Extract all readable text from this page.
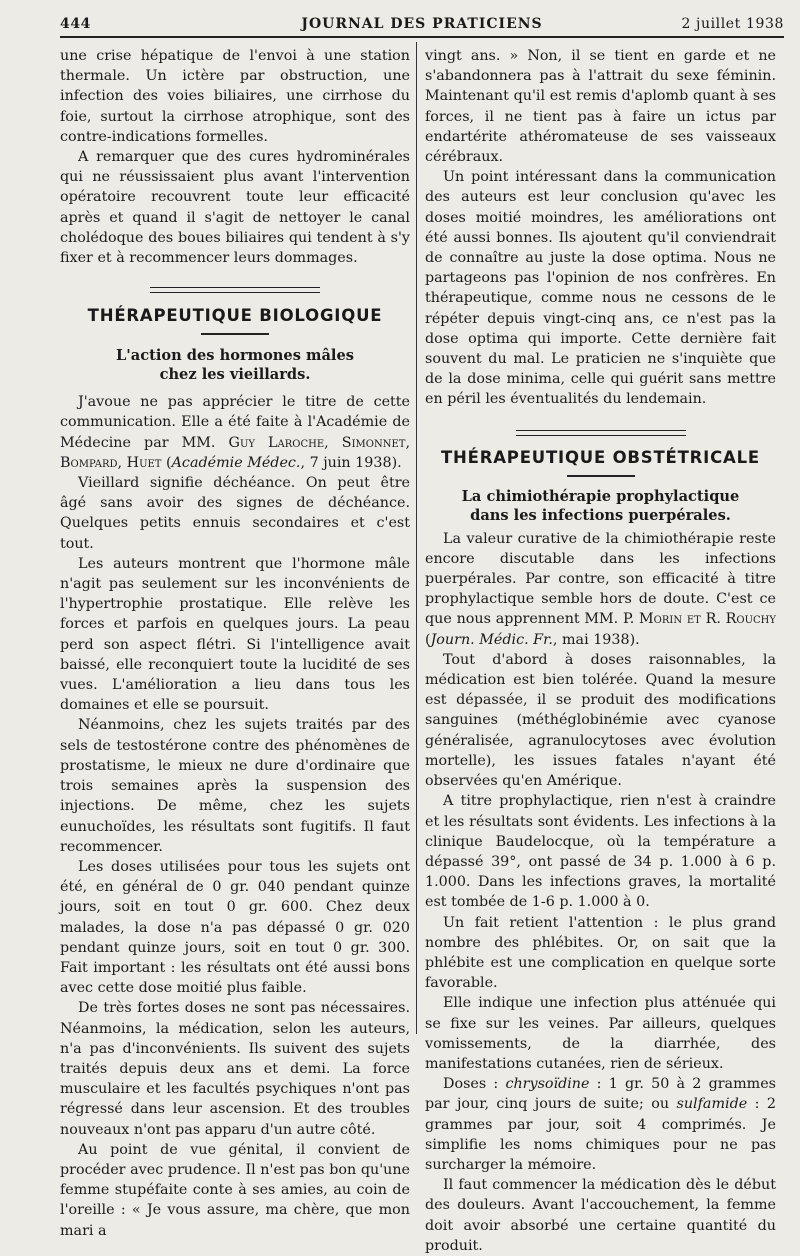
444	JOURNAL DES PRATICIENS	2 juillet 1938

une crise hépatique de l'envoi à une station thermale. Un ictère par obstruction, une infection des voies biliaires, une cirrhose du foie, surtout la cirrhose atrophique, sont des contre-indications formelles.

A remarquer que des cures hydrominérales qui ne réussissaient plus avant l'intervention opératoire recouvrent toute leur efficacité après et quand il s'agit de nettoyer le canal cholédoque des boues biliaires qui tendent à s'y fixer et à recommencer leurs dommages.

THÉRAPEUTIQUE BIOLOGIQUE
L'action des hormones mâles
chez les vieillards.

J'avoue ne pas apprécier le titre de cette communication. Elle a été faite à l'Académie de Médecine par MM. Guy Laroche, Simonnet, Bompard, Huet (Académie Médec., 7 juin 1938).

Vieillard signifie déchéance. On peut être âgé sans avoir des signes de déchéance. Quelques petits ennuis secondaires et c'est tout.

Les auteurs montrent que l'hormone mâle n'agit pas seulement sur les inconvénients de l'hypertrophie prostatique. Elle relève les forces et parfois en quelques jours. La peau perd son aspect flétri. Si l'intelligence avait baissé, elle reconquiert toute la lucidité de ses vues. L'amélioration a lieu dans tous les domaines et elle se poursuit.

Néanmoins, chez les sujets traités par des sels de testostérone contre des phénomènes de prostatisme, le mieux ne dure d'ordinaire que trois semaines après la suspension des injections. De même, chez les sujets eunuchoïdes, les résultats sont fugitifs. Il faut recommencer.

Les doses utilisées pour tous les sujets ont été, en général de 0 gr. 040 pendant quinze jours, soit en tout 0 gr. 600. Chez deux malades, la dose n'a pas dépassé 0 gr. 020 pendant quinze jours, soit en tout 0 gr. 300. Fait important : les résultats ont été aussi bons avec cette dose moitié plus faible.

De très fortes doses ne sont pas nécessaires. Néanmoins, la médication, selon les auteurs, n'a pas d'inconvénients. Ils suivent des sujets traités depuis deux ans et demi. La force musculaire et les facultés psychiques n'ont pas régressé dans leur ascension. Et des troubles nouveaux n'ont pas apparu d'un autre côté.

Au point de vue génital, il convient de procéder avec prudence. Il n'est pas bon qu'une femme stupéfaite conte à ses amies, au coin de l'oreille : « Je vous assure, ma chère, que mon mari a

vingt ans. » Non, il se tient en garde et ne s'abandonnera pas à l'attrait du sexe féminin. Maintenant qu'il est remis d'aplomb quant à ses forces, il ne tient pas à faire un ictus par endartérite athéromateuse de ses vaisseaux cérébraux.

Un point intéressant dans la communication des auteurs est leur conclusion qu'avec les doses moitié moindres, les améliorations ont été aussi bonnes. Ils ajoutent qu'il conviendrait de connaître au juste la dose optima. Nous ne partageons pas l'opinion de nos confrères. En thérapeutique, comme nous ne cessons de le répéter depuis vingt-cinq ans, ce n'est pas la dose optima qui importe. Cette dernière fait souvent du mal. Le praticien ne s'inquiète que de la dose minima, celle qui guérit sans mettre en péril les éventualités du lendemain.

THÉRAPEUTIQUE OBSTÉTRICALE
La chimiothérapie prophylactique
dans les infections puerpérales.

La valeur curative de la chimiothérapie reste encore discutable dans les infections puerpérales. Par contre, son efficacité à titre prophylactique semble hors de doute. C'est ce que nous apprennent MM. P. Morin et R. Rouchy (Journ. Médic. Fr., mai 1938).

Tout d'abord à doses raisonnables, la médication est bien tolérée. Quand la mesure est dépassée, il se produit des modifications sanguines (méthéglobinémie avec cyanose généralisée, agranulocytoses avec évolution mortelle), les issues fatales n'ayant été observées qu'en Amérique.

A titre prophylactique, rien n'est à craindre et les résultats sont évidents. Les infections à la clinique Baudelocque, où la température a dépassé 39°, ont passé de 34 p. 1.000 à 6 p. 1.000. Dans les infections graves, la mortalité est tombée de 1-6 p. 1.000 à 0.

Un fait retient l'attention : le plus grand nombre des phlébites. Or, on sait que la phlébite est une complication en quelque sorte favorable.

Elle indique une infection plus atténuée qui se fixe sur les veines. Par ailleurs, quelques vomissements, de la diarrhée, des manifestations cutanées, rien de sérieux.

Doses : chrysoïdine : 1 gr. 50 à 2 grammes par jour, cinq jours de suite; ou sulfamide : 2 grammes par jour, soit 4 comprimés. Je simplifie les noms chimiques pour ne pas surcharger la mémoire.

Il faut commencer la médication dès le début des douleurs. Avant l'accouchement, la femme doit avoir absorbé une certaine quantité du produit.
